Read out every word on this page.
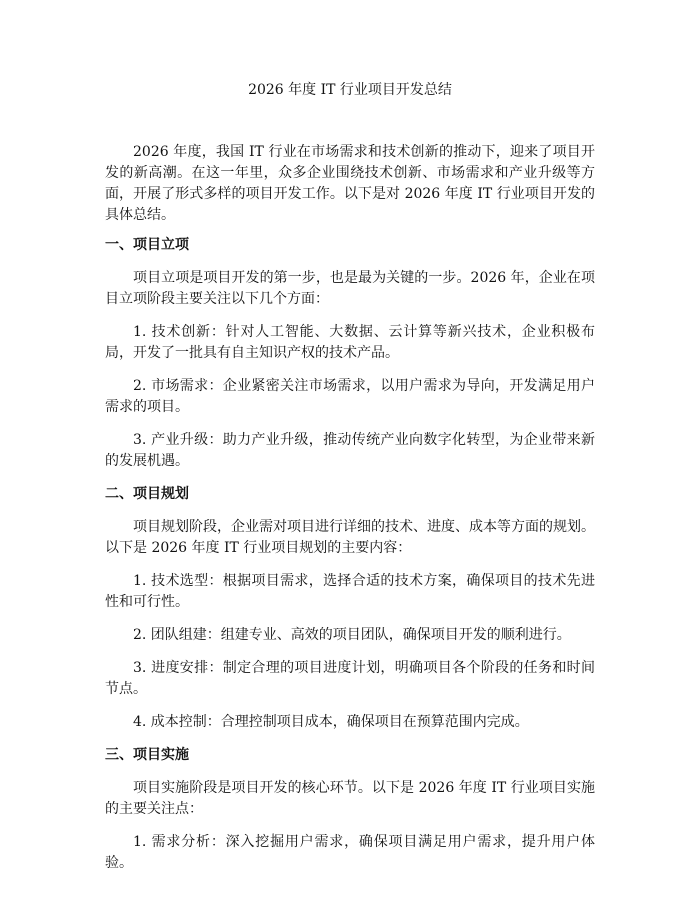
2026 年度 IT 行业项目开发总结

2026 年度，我国 IT 行业在市场需求和技术创新的推动下，迎来了项目开发的新高潮。在这一年里，众多企业围绕技术创新、市场需求和产业升级等方面，开展了形式多样的项目开发工作。以下是对 2026 年度 IT 行业项目开发的具体总结。

一、项目立项

项目立项是项目开发的第一步，也是最为关键的一步。2026 年，企业在项目立项阶段主要关注以下几个方面：

1. 技术创新：针对人工智能、大数据、云计算等新兴技术，企业积极布局，开发了一批具有自主知识产权的技术产品。

2. 市场需求：企业紧密关注市场需求，以用户需求为导向，开发满足用户需求的项目。

3. 产业升级：助力产业升级，推动传统产业向数字化转型，为企业带来新的发展机遇。

二、项目规划

项目规划阶段，企业需对项目进行详细的技术、进度、成本等方面的规划。以下是 2026 年度 IT 行业项目规划的主要内容：

1. 技术选型：根据项目需求，选择合适的技术方案，确保项目的技术先进性和可行性。

2. 团队组建：组建专业、高效的项目团队，确保项目开发的顺利进行。

3. 进度安排：制定合理的项目进度计划，明确项目各个阶段的任务和时间节点。

4. 成本控制：合理控制项目成本，确保项目在预算范围内完成。

三、项目实施

项目实施阶段是项目开发的核心环节。以下是 2026 年度 IT 行业项目实施的主要关注点：

1. 需求分析：深入挖掘用户需求，确保项目满足用户需求，提升用户体验。
